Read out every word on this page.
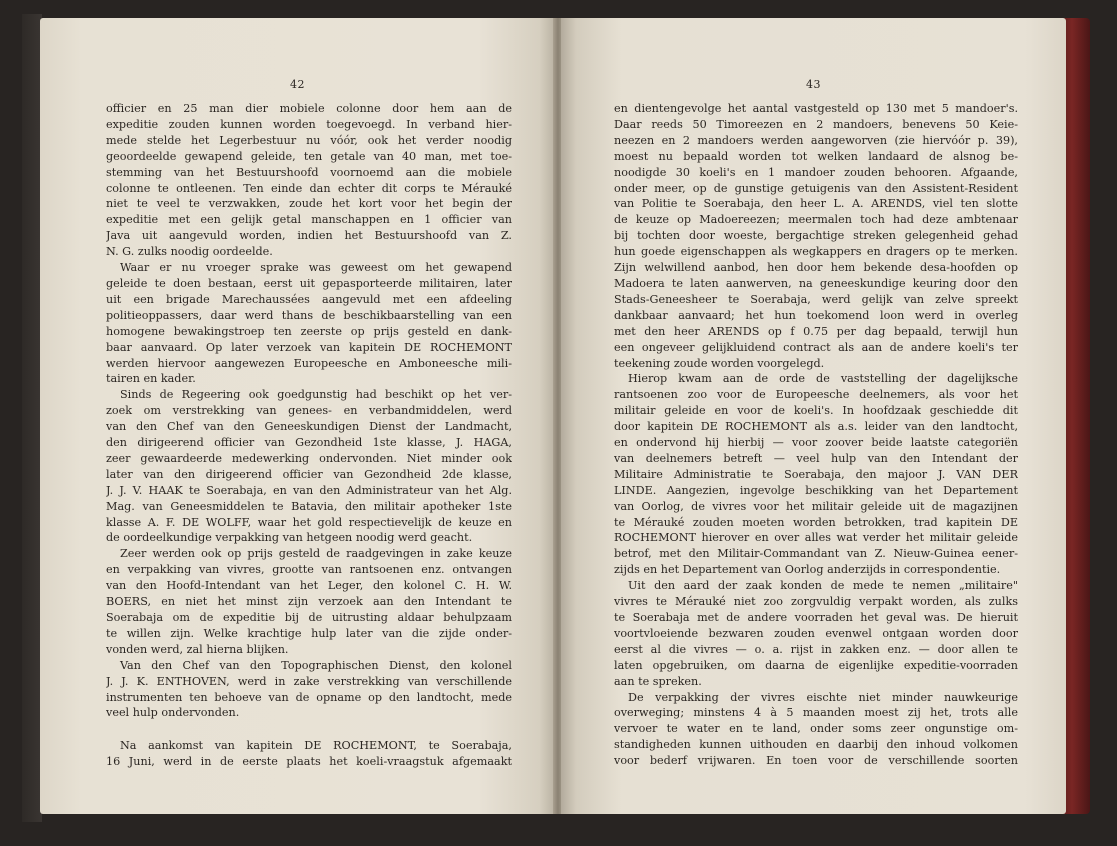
42
officier en 25 man dier mobiele colonne door hem aan de
expeditie zouden kunnen worden toegevoegd. In verband hier-
mede stelde het Legerbestuur nu vóór, ook het verder noodig
geoordeelde gewapend geleide, ten getale van 40 man, met toe-
stemming van het Bestuurshoofd voornoemd aan die mobiele
colonne te ontleenen. Ten einde dan echter dit corps te Mérauké
niet te veel te verzwakken, zoude het kort voor het begin der
expeditie met een gelijk getal manschappen en 1 officier van
Java uit aangevuld worden, indien het Bestuurshoofd van Z.
N. G. zulks noodig oordeelde.
Waar er nu vroeger sprake was geweest om het gewapend
geleide te doen bestaan, eerst uit gepasporteerde militairen, later
uit een brigade Marechaussées aangevuld met een afdeeling
politieoppassers, daar werd thans de beschikbaarstelling van een
homogene bewakingstroep ten zeerste op prijs gesteld en dank-
baar aanvaard. Op later verzoek van kapitein DE ROCHEMONT
werden hiervoor aangewezen Europeesche en Amboneesche mili-
tairen en kader.
Sinds de Regeering ook goedgunstig had beschikt op het ver-
zoek om verstrekking van genees- en verbandmiddelen, werd
van den Chef van den Geneeskundigen Dienst der Landmacht,
den dirigeerend officier van Gezondheid 1ste klasse, J. HAGA,
zeer gewaardeerde medewerking ondervonden. Niet minder ook
later van den dirigeerend officier van Gezondheid 2de klasse,
J. J. V. HAAK te Soerabaja, en van den Administrateur van het Alg.
Mag. van Geneesmiddelen te Batavia, den militair apotheker 1ste
klasse A. F. DE WOLFF, waar het gold respectievelijk de keuze en
de oordeelkundige verpakking van hetgeen noodig werd geacht.
Zeer werden ook op prijs gesteld de raadgevingen in zake keuze
en verpakking van vivres, grootte van rantsoenen enz. ontvangen
van den Hoofd-Intendant van het Leger, den kolonel C. H. W.
BOERS, en niet het minst zijn verzoek aan den Intendant te
Soerabaja om de expeditie bij de uitrusting aldaar behulpzaam
te willen zijn. Welke krachtige hulp later van die zijde onder-
vonden werd, zal hierna blijken.
Van den Chef van den Topographischen Dienst, den kolonel
J. J. K. ENTHOVEN, werd in zake verstrekking van verschillende
instrumenten ten behoeve van de opname op den landtocht, mede
veel hulp ondervonden.
Na aankomst van kapitein DE ROCHEMONT, te Soerabaja,
16 Juni, werd in de eerste plaats het koeli-vraagstuk afgemaakt
43
en dientengevolge het aantal vastgesteld op 130 met 5 mandoer's.
Daar reeds 50 Timoreezen en 2 mandoers, benevens 50 Keie-
neezen en 2 mandoers werden aangeworven (zie hiervóór p. 39),
moest nu bepaald worden tot welken landaard de alsnog be-
noodigde 30 koeli's en 1 mandoer zouden behooren. Afgaande,
onder meer, op de gunstige getuigenis van den Assistent-Resident
van Politie te Soerabaja, den heer L. A. ARENDS, viel ten slotte
de keuze op Madoereezen; meermalen toch had deze ambtenaar
bij tochten door woeste, bergachtige streken gelegenheid gehad
hun goede eigenschappen als wegkappers en dragers op te merken.
Zijn welwillend aanbod, hen door hem bekende desa-hoofden op
Madoera te laten aanwerven, na geneeskundige keuring door den
Stads-Geneesheer te Soerabaja, werd gelijk van zelve spreekt
dankbaar aanvaard; het hun toekomend loon werd in overleg
met den heer ARENDS op f 0.75 per dag bepaald, terwijl hun
een ongeveer gelijkluidend contract als aan de andere koeli's ter
teekening zoude worden voorgelegd.
Hierop kwam aan de orde de vaststelling der dagelijksche
rantsoenen zoo voor de Europeesche deelnemers, als voor het
militair geleide en voor de koeli's. In hoofdzaak geschiedde dit
door kapitein DE ROCHEMONT als a.s. leider van den landtocht,
en ondervond hij hierbij — voor zoover beide laatste categoriën
van deelnemers betreft — veel hulp van den Intendant der
Militaire Administratie te Soerabaja, den majoor J. VAN DER
LINDE. Aangezien, ingevolge beschikking van het Departement
van Oorlog, de vivres voor het militair geleide uit de magazijnen
te Mérauké zouden moeten worden betrokken, trad kapitein DE
ROCHEMONT hierover en over alles wat verder het militair geleide
betrof, met den Militair-Commandant van Z. Nieuw-Guinea eener-
zijds en het Departement van Oorlog anderzijds in correspondentie.
Uit den aard der zaak konden de mede te nemen „militaire"
vivres te Mérauké niet zoo zorgvuldig verpakt worden, als zulks
te Soerabaja met de andere voorraden het geval was. De hieruit
voortvloeiende bezwaren zouden evenwel ontgaan worden door
eerst al die vivres — o. a. rijst in zakken enz. — door allen te
laten opgebruiken, om daarna de eigenlijke expeditie-voorraden
aan te spreken.
De verpakking der vivres eischte niet minder nauwkeurige
overweging; minstens 4 à 5 maanden moest zij het, trots alle
vervoer te water en te land, onder soms zeer ongunstige om-
standigheden kunnen uithouden en daarbij den inhoud volkomen
voor bederf vrijwaren. En toen voor de verschillende soorten
